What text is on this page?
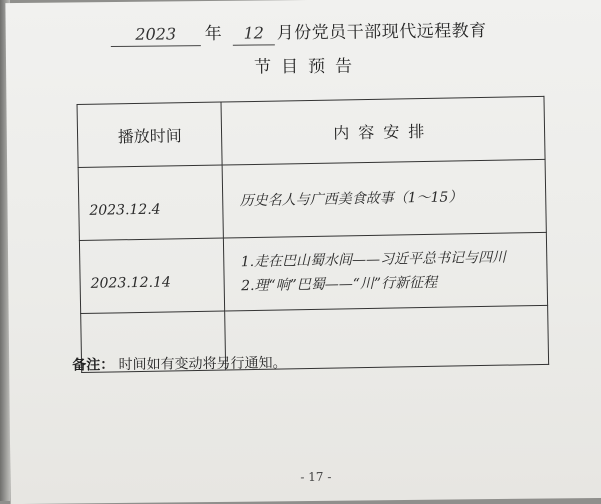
2023	年	12 月份党员干部现代远程教育
节目预告
播放时间	内容安排
2023.12.4	历史名人与广西美食故事（1～15）

2023.12.14	1.走在巴山蜀水间——习近平总书记与四川
2.理“响”巴蜀——“川”行新征程

备注： 时间如有变动将另行通知。
- 17 -
